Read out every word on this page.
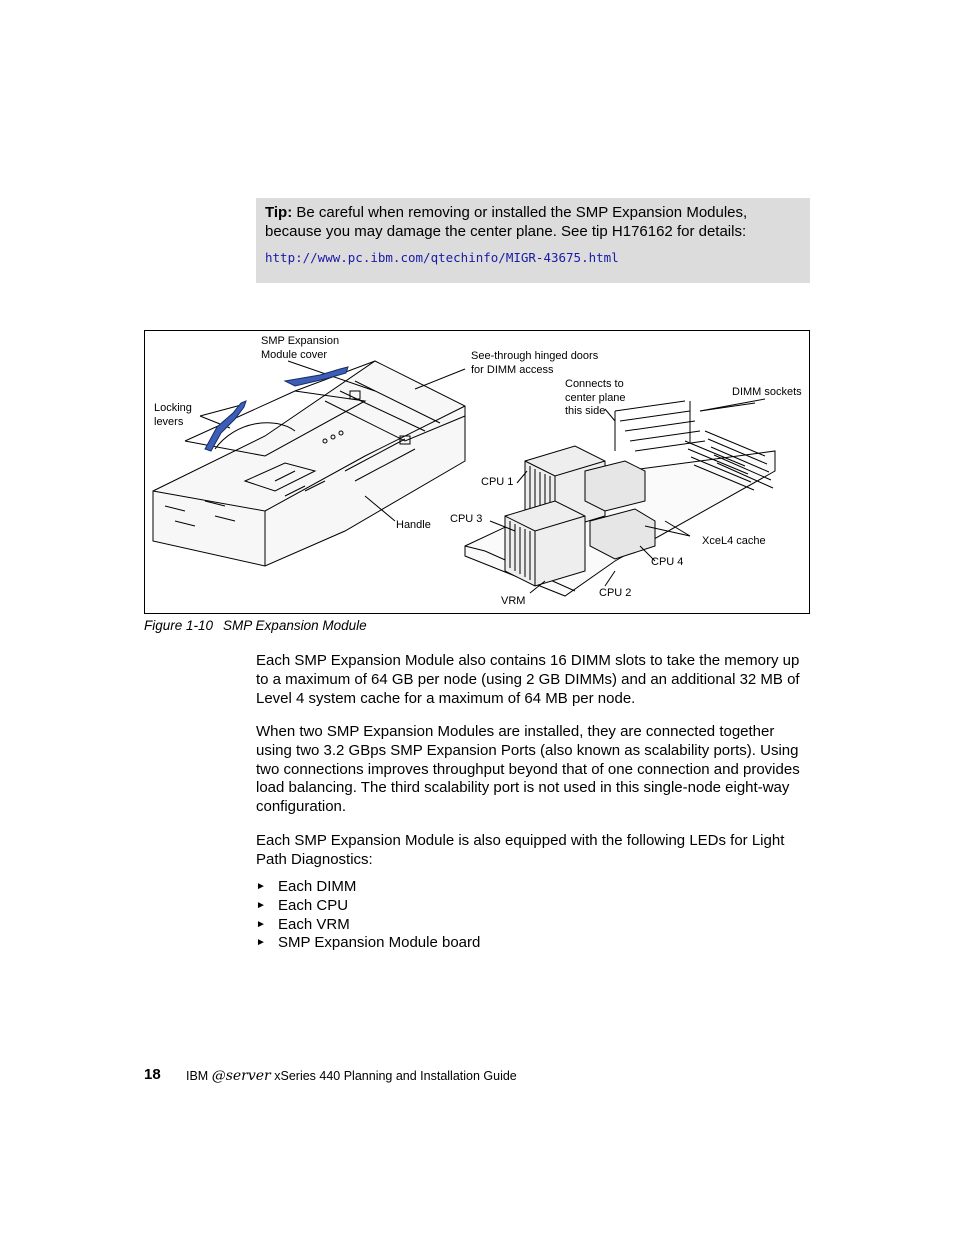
Tip: Be careful when removing or installed the SMP Expansion Modules, because you may damage the center plane. See tip H176162 for details:

http://www.pc.ibm.com/qtechinfo/MIGR-43675.html
SMP Expansion
Module cover	See-through hinged doors
for DIMM access
Connects to
center plane
this side
DIMM sockets
Locking
levers
CPU 1
CPU 3
Handle
XceL4 cache
CPU 4
CPU 2
VRM
Figure 1-10 SMP Expansion Module

Each SMP Expansion Module also contains 16 DIMM slots to take the memory up to a maximum of 64 GB per node (using 2 GB DIMMs) and an additional 32 MB of Level 4 system cache for a maximum of 64 MB per node.

When two SMP Expansion Modules are installed, they are connected together using two 3.2 GBps SMP Expansion Ports (also known as scalability ports). Using two connections improves throughput beyond that of one connection and provides load balancing. The third scalability port is not used in this single-node eight-way configuration.

Each SMP Expansion Module is also equipped with the following LEDs for Light Path Diagnostics:

► Each DIMM
► Each CPU
► Each VRM
► SMP Expansion Module board
18 IBM @server xSeries 440 Planning and Installation Guide
